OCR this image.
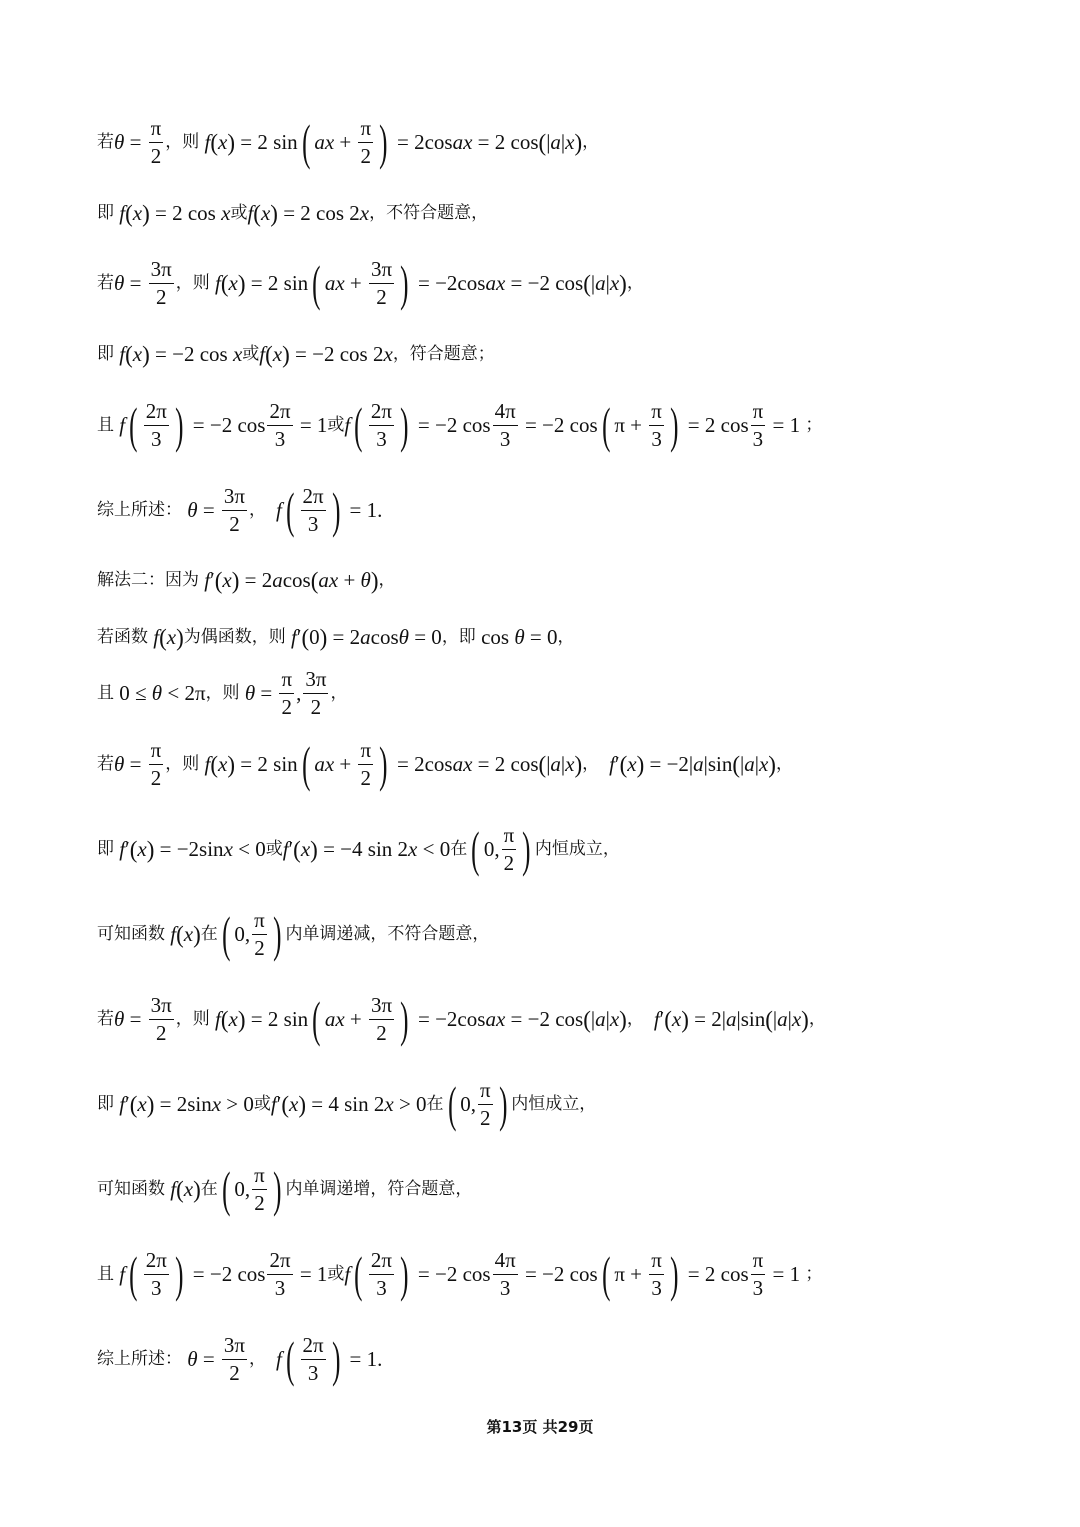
若 $\theta = \frac{\pi}{2}$ ，则 f ( x ) = 2 sin ( ax + $\frac{\pi}{2}$ ) = 2cos ax = 2 cos ( | a | x ) ，
即 f ( x ) = 2 cos x 或 f ( x ) = 2 cos 2 x ，不符合题意，
若 $\theta = \frac{3\pi}{2}$ ，则 f ( x ) = 2 sin ( ax + $\frac{3\pi}{2}$ ) = −2cos ax = −2 cos ( | a | x ) ，
即 f ( x ) = −2 cos x 或 f ( x ) = −2 cos 2 x ，符合题意；
且 f ( $\frac{2\pi}{3}$ ) = −2 $\cos \frac{2\pi}{3} = 1$ 或 f ( $\frac{2\pi}{3}$ ) = −2 $\cos \frac{4\pi}{3} = -2$ cos ( $\pi + \frac{\pi}{3}$ ) = 2 $\cos \frac{\pi}{3} = 1$ ；
综上所述： $\theta = \frac{3\pi}{2}$ ， f ( $\frac{2\pi}{3}$ ) = 1 .
解法二：因为 f ′ ( x ) = 2 a cos ( ax + θ ) ，
若函数 f ( x ) 为偶函数，则 f ′ ( 0 ) = 2 a cos θ = 0 ，即 cos θ = 0 ，
且 0 ≤ θ < 2π ，则 $\theta = \frac{\pi}{2}$ , $\frac{3\pi}{2}$ ，
若 $\theta = \frac{\pi}{2}$ ，则 f ( x ) = 2 sin ( ax + $\frac{\pi}{2}$ ) = 2cos ax = 2 cos ( | a | x ) ， f ′ ( x ) = −2| a |sin ( | a | x ) ，
即 f ′ ( x ) = −2sin x < 0 或 f ′ ( x ) = −4 sin 2 x < 0 在 ( 0, $\frac{\pi}{2}$ ) 内恒成立，
可知函数 f ( x ) 在 ( 0, $\frac{\pi}{2}$ ) 内单调递减，不符合题意，
若 $\theta = \frac{3\pi}{2}$ ，则 f ( x ) = 2 sin ( ax + $\frac{3\pi}{2}$ ) = −2cos ax = −2 cos ( | a | x ) ， f ′ ( x ) = 2| a |sin ( | a | x ) ，
即 f ′ ( x ) = 2sin x > 0 或 f ′ ( x ) = 4 sin 2 x > 0 在 ( 0, $\frac{\pi}{2}$ ) 内恒成立，
可知函数 f ( x ) 在 ( 0, $\frac{\pi}{2}$ ) 内单调递增，符合题意，
且 f ( $\frac{2\pi}{3}$ ) = −2 $\cos \frac{2\pi}{3} = 1$ 或 f ( $\frac{2\pi}{3}$ ) = −2 $\cos \frac{4\pi}{3} = -2$ cos ( $\pi + \frac{\pi}{3}$ ) = 2 $\cos \frac{\pi}{3} = 1$ ；
综上所述： $\theta = \frac{3\pi}{2}$ ， f ( $\frac{2\pi}{3}$ ) = 1 .
第13页 共29页
